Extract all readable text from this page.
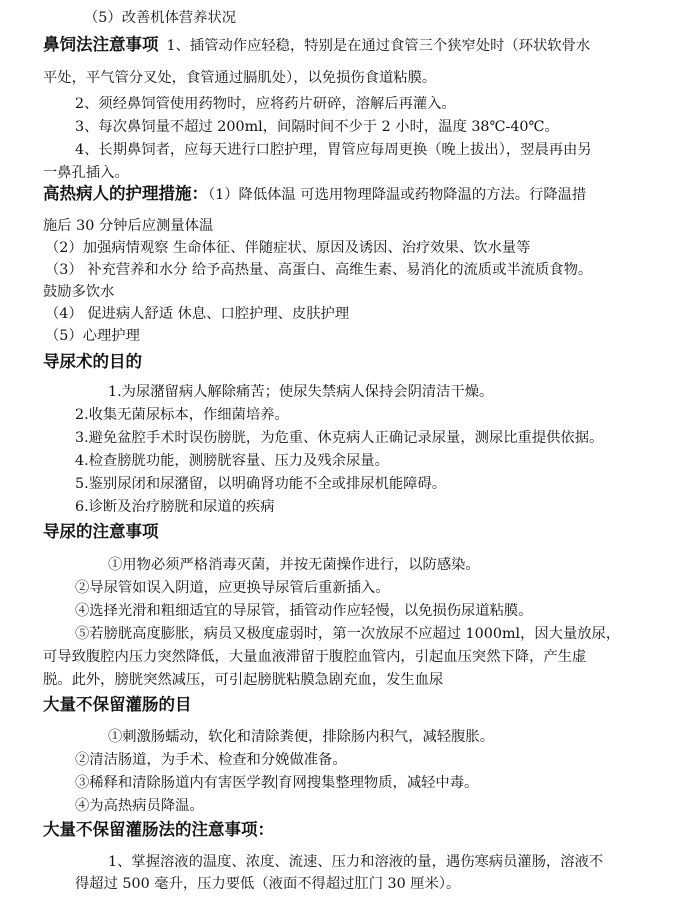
（5）改善机体营养状况
鼻饲法注意事项 1、插管动作应轻稳，特别是在通过食管三个狭窄处时（环状软骨水
平处，平气管分叉处，食管通过膈肌处），以免损伤食道粘膜。
2、须经鼻饲管使用药物时，应将药片研碎，溶解后再灌入。
3、每次鼻饲量不超过 200ml，间隔时间不少于 2 小时，温度 38℃-40℃。
4、长期鼻饲者，应每天进行口腔护理，胃管应每周更换（晚上拔出），翌晨再由另
一鼻孔插入。
高热病人的护理措施：（1）降低体温 可选用物理降温或药物降温的方法。行降温措
施后 30 分钟后应测量体温
（2）加强病情观察 生命体征、伴随症状、原因及诱因、治疗效果、饮水量等
（3） 补充营养和水分 给予高热量、高蛋白、高维生素、易消化的流质或半流质食物。
鼓励多饮水
（4） 促进病人舒适 休息、口腔护理、皮肤护理
（5）心理护理
导尿术的目的
1.为尿潴留病人解除痛苦；使尿失禁病人保持会阴清洁干燥。
2.收集无菌尿标本，作细菌培养。
3.避免盆腔手术时误伤膀胱，为危重、休克病人正确记录尿量，测尿比重提供依据。
4.检查膀胱功能，测膀胱容量、压力及残余尿量。
5.鉴别尿闭和尿潴留，以明确肾功能不全或排尿机能障碍。
6.诊断及治疗膀胱和尿道的疾病
导尿的注意事项
①用物必须严格消毒灭菌，并按无菌操作进行，以防感染。
②导尿管如误入阴道，应更换导尿管后重新插入。
④选择光滑和粗细适宜的导尿管，插管动作应轻慢，以免损伤尿道粘膜。
⑤若膀胱高度膨胀，病员又极度虚弱时，第一次放尿不应超过 1000ml，因大量放尿，
可导致腹腔内压力突然降低，大量血液滞留于腹腔血管内，引起血压突然下降，产生虚
脱。此外，膀胱突然减压，可引起膀胱粘膜急剧充血，发生血尿
大量不保留灌肠的目
①刺激肠蠕动，软化和清除粪便，排除肠内积气，减轻腹胀。
②清洁肠道，为手术、检查和分娩做准备。
③稀释和清除肠道内有害医学教 育网搜集整理物质，减轻中毒。
④为高热病员降温。
大量不保留灌肠法的注意事项：
1、掌握溶液的温度、浓度、流速、压力和溶液的量，遇伤寒病员灌肠，溶液不
得超过 500 毫升，压力要低（液面不得超过肛门 30 厘米）。
